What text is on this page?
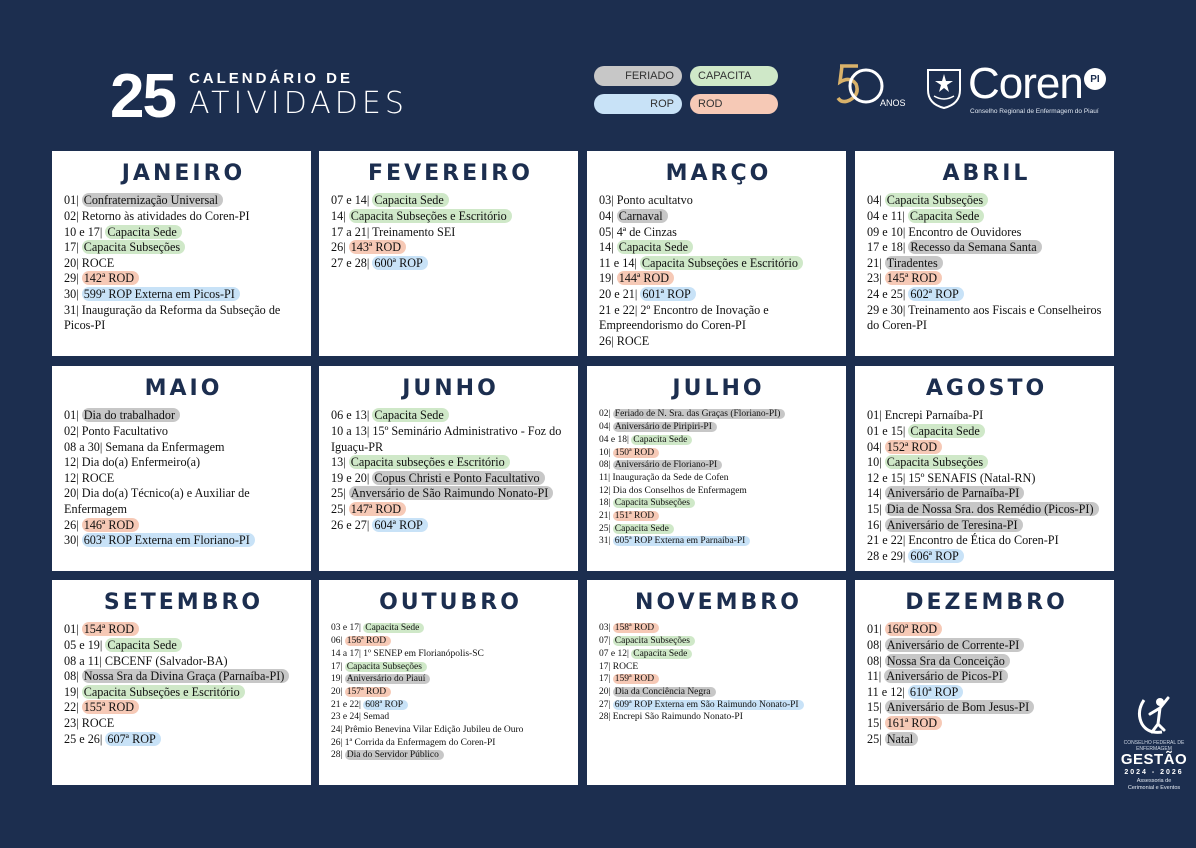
25 CALENDÁRIO DE
ATIVIDADES
FERIADO	CAPACITA
ROP	ROD	ANOS Coren PI
Conselho Regional de Enfermagem do Piauí
JANEIRO
01| Confraternização Universal
02| Retorno às atividades do Coren-PI
10 e 17| Capacita Sede
17| Capacita Subseções
20| ROCE
29| 142ª ROD
30| 599ª ROP Externa em Picos-PI
31| Inauguração da Reforma da Subseção de Picos-PI
FEVEREIRO
07 e 14| Capacita Sede
14| Capacita Subseções e Escritório
17 a 21| Treinamento SEI
26| 143ª ROD
27 e 28| 600ª ROP
MARÇO
03| Ponto acultatvo
04| Carnaval
05| 4ª de Cinzas
14| Capacita Sede
11 e 14| Capacita Subseções e Escritório
19| 144ª ROD
20 e 21| 601ª ROP
21 e 22| 2º Encontro de Inovação e Empreendorismo do Coren-PI
26| ROCE
ABRIL
04| Capacita Subseções
04 e 11| Capacita Sede
09 e 10| Encontro de Ouvidores
17 e 18| Recesso da Semana Santa
21| Tiradentes
23| 145ª ROD
24 e 25| 602ª ROP
29 e 30| Treinamento aos Fiscais e Conselheiros do Coren-PI
MAIO
01| Dia do trabalhador
02| Ponto Facultativo
08 a 30| Semana da Enfermagem
12| Dia do(a) Enfermeiro(a)
12| ROCE
20| Dia do(a) Técnico(a) e Auxiliar de Enfermagem
26| 146ª ROD
30| 603ª ROP Externa em Floriano-PI
JUNHO
06 e 13| Capacita Sede
10 a 13| 15º Seminário Administrativo - Foz do Iguaçu-PR
13| Capacita subseções e Escritório
19 e 20| Copus Christi e Ponto Facultativo
25| Anversário de São Raimundo Nonato-PI
25| 147ª ROD
26 e 27| 604ª ROP
JULHO
02| Feriado de N. Sra. das Graças (Floriano-PI)
04| Aniversário de Piripiri-PI
04 e 18| Capacita Sede
10| 150ª ROD
08| Aniversário de Floriano-PI
11| Inauguração da Sede de Cofen
12| Dia dos Conselhos de Enfermagem
18| Capacita Subseções
21| 151ª ROD
25| Capacita Sede
31| 605ª ROP Externa em Parnaíba-PI
AGOSTO
01| Encrepi Parnaíba-PI
01 e 15| Capacita Sede
04| 152ª ROD
10| Capacita Subseções
12 e 15| 15º SENAFIS (Natal-RN)
14| Aniversário de Parnaíba-PI
15| Dia de Nossa Sra. dos Remédio (Picos-PI)
16| Aniversário de Teresina-PI
21 e 22| Encontro de Ética do Coren-PI
28 e 29| 606ª ROP
SETEMBRO
01| 154ª ROD
05 e 19| Capacita Sede
08 a 11| CBCENF (Salvador-BA)
08| Nossa Sra da Divina Graça (Parnaíba-PI)
19| Capacita Subseções e Escritório
22| 155ª ROD
23| ROCE
25 e 26| 607ª ROP
OUTUBRO
03 e 17| Capacita Sede
06| 156ª ROD
14 a 17| 1º SENEP em Florianópolis-SC
17| Capacita Subseções
19| Aniversário do Piauí
20| 157ª ROD
21 e 22| 608ª ROP
23 e 24| Semad
24| Prêmio Benevina Vilar Edição Jubileu de Ouro
26| 1ª Corrida da Enfermagem do Coren-PI
28| Dia do Servidor Público
NOVEMBRO
03| 158ª ROD
07| Capacita Subseções
07 e 12| Capacita Sede
17| ROCE
17| 159ª ROD
20| Dia da Conciência Negra
27| 609ª ROP Externa em São Raimundo Nonato-PI
28| Encrepi São Raimundo Nonato-PI
DEZEMBRO
01| 160ª ROD
08| Aniversário de Corrente-PI
08| Nossa Sra da Conceição
11| Aniversário de Picos-PI
11 e 12| 610ª ROP
15| Aniversário de Bom Jesus-PI
15| 161ª ROD
25| Natal	CONSELHO FEDERAL DE ENFERMAGEM
GESTÃO
2024 - 2026
Assessoria de
Cerimonial e Eventos
